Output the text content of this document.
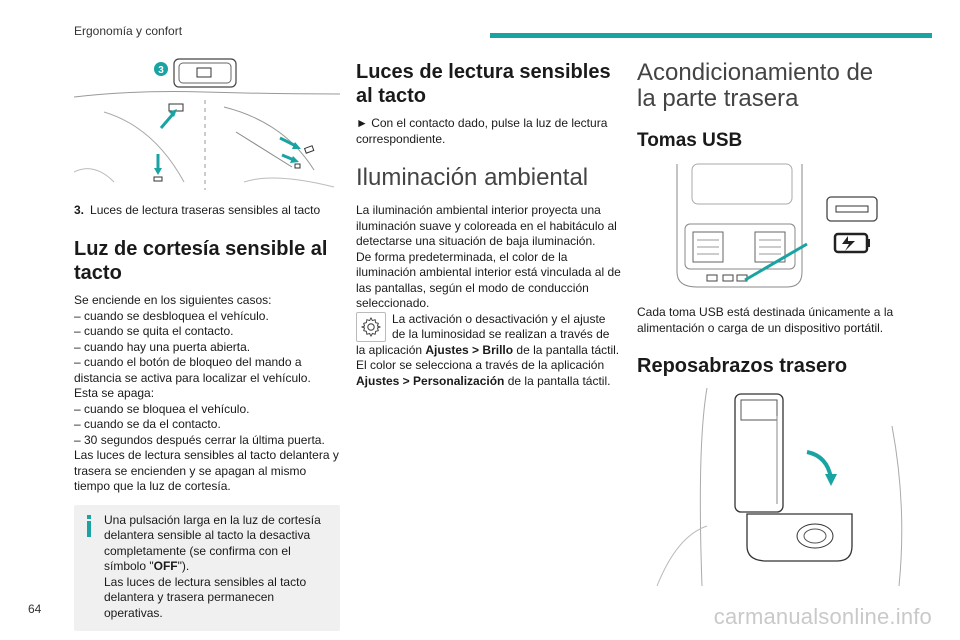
Ergonomía y confort
3
3. Luces de lectura traseras sensibles al tacto
Luz de cortesía sensible al tacto

Se enciende en los siguientes casos:

– cuando se desbloquea el vehículo.

– cuando se quita el contacto.

– cuando hay una puerta abierta.

– cuando el botón de bloqueo del mando a distancia se activa para localizar el vehículo.

Esta se apaga:

– cuando se bloquea el vehículo.

– cuando se da el contacto.

– 30 segundos después cerrar la última puerta.

Las luces de lectura sensibles al tacto delantera y trasera se encienden y se apagan al mismo tiempo que la luz de cortesía.

Una pulsación larga en la luz de cortesía delantera sensible al tacto la desactiva completamente (se confirma con el símbolo "OFF").

Las luces de lectura sensibles al tacto delantera y trasera permanecen operativas.

Luces de lectura sensibles al tacto

► Con el contacto dado, pulse la luz de lectura correspondiente.

Iluminación ambiental

La iluminación ambiental interior proyecta una iluminación suave y coloreada en el habitáculo al detectarse una situación de baja iluminación.

De forma predeterminada, el color de la iluminación ambiental interior está vinculada al de las pantallas, según el modo de conducción seleccionado.

La activación o desactivación y el ajuste de la luminosidad se realizan a través de

la aplicación Ajustes > Brillo de la pantalla táctil.

El color se selecciona a través de la aplicación Ajustes > Personalización de la pantalla táctil.

Acondicionamiento de la parte trasera
Tomas USB

Cada toma USB está destinada únicamente a la alimentación o carga de un dispositivo portátil.

Reposabrazos trasero
64	carmanualsonline.info
